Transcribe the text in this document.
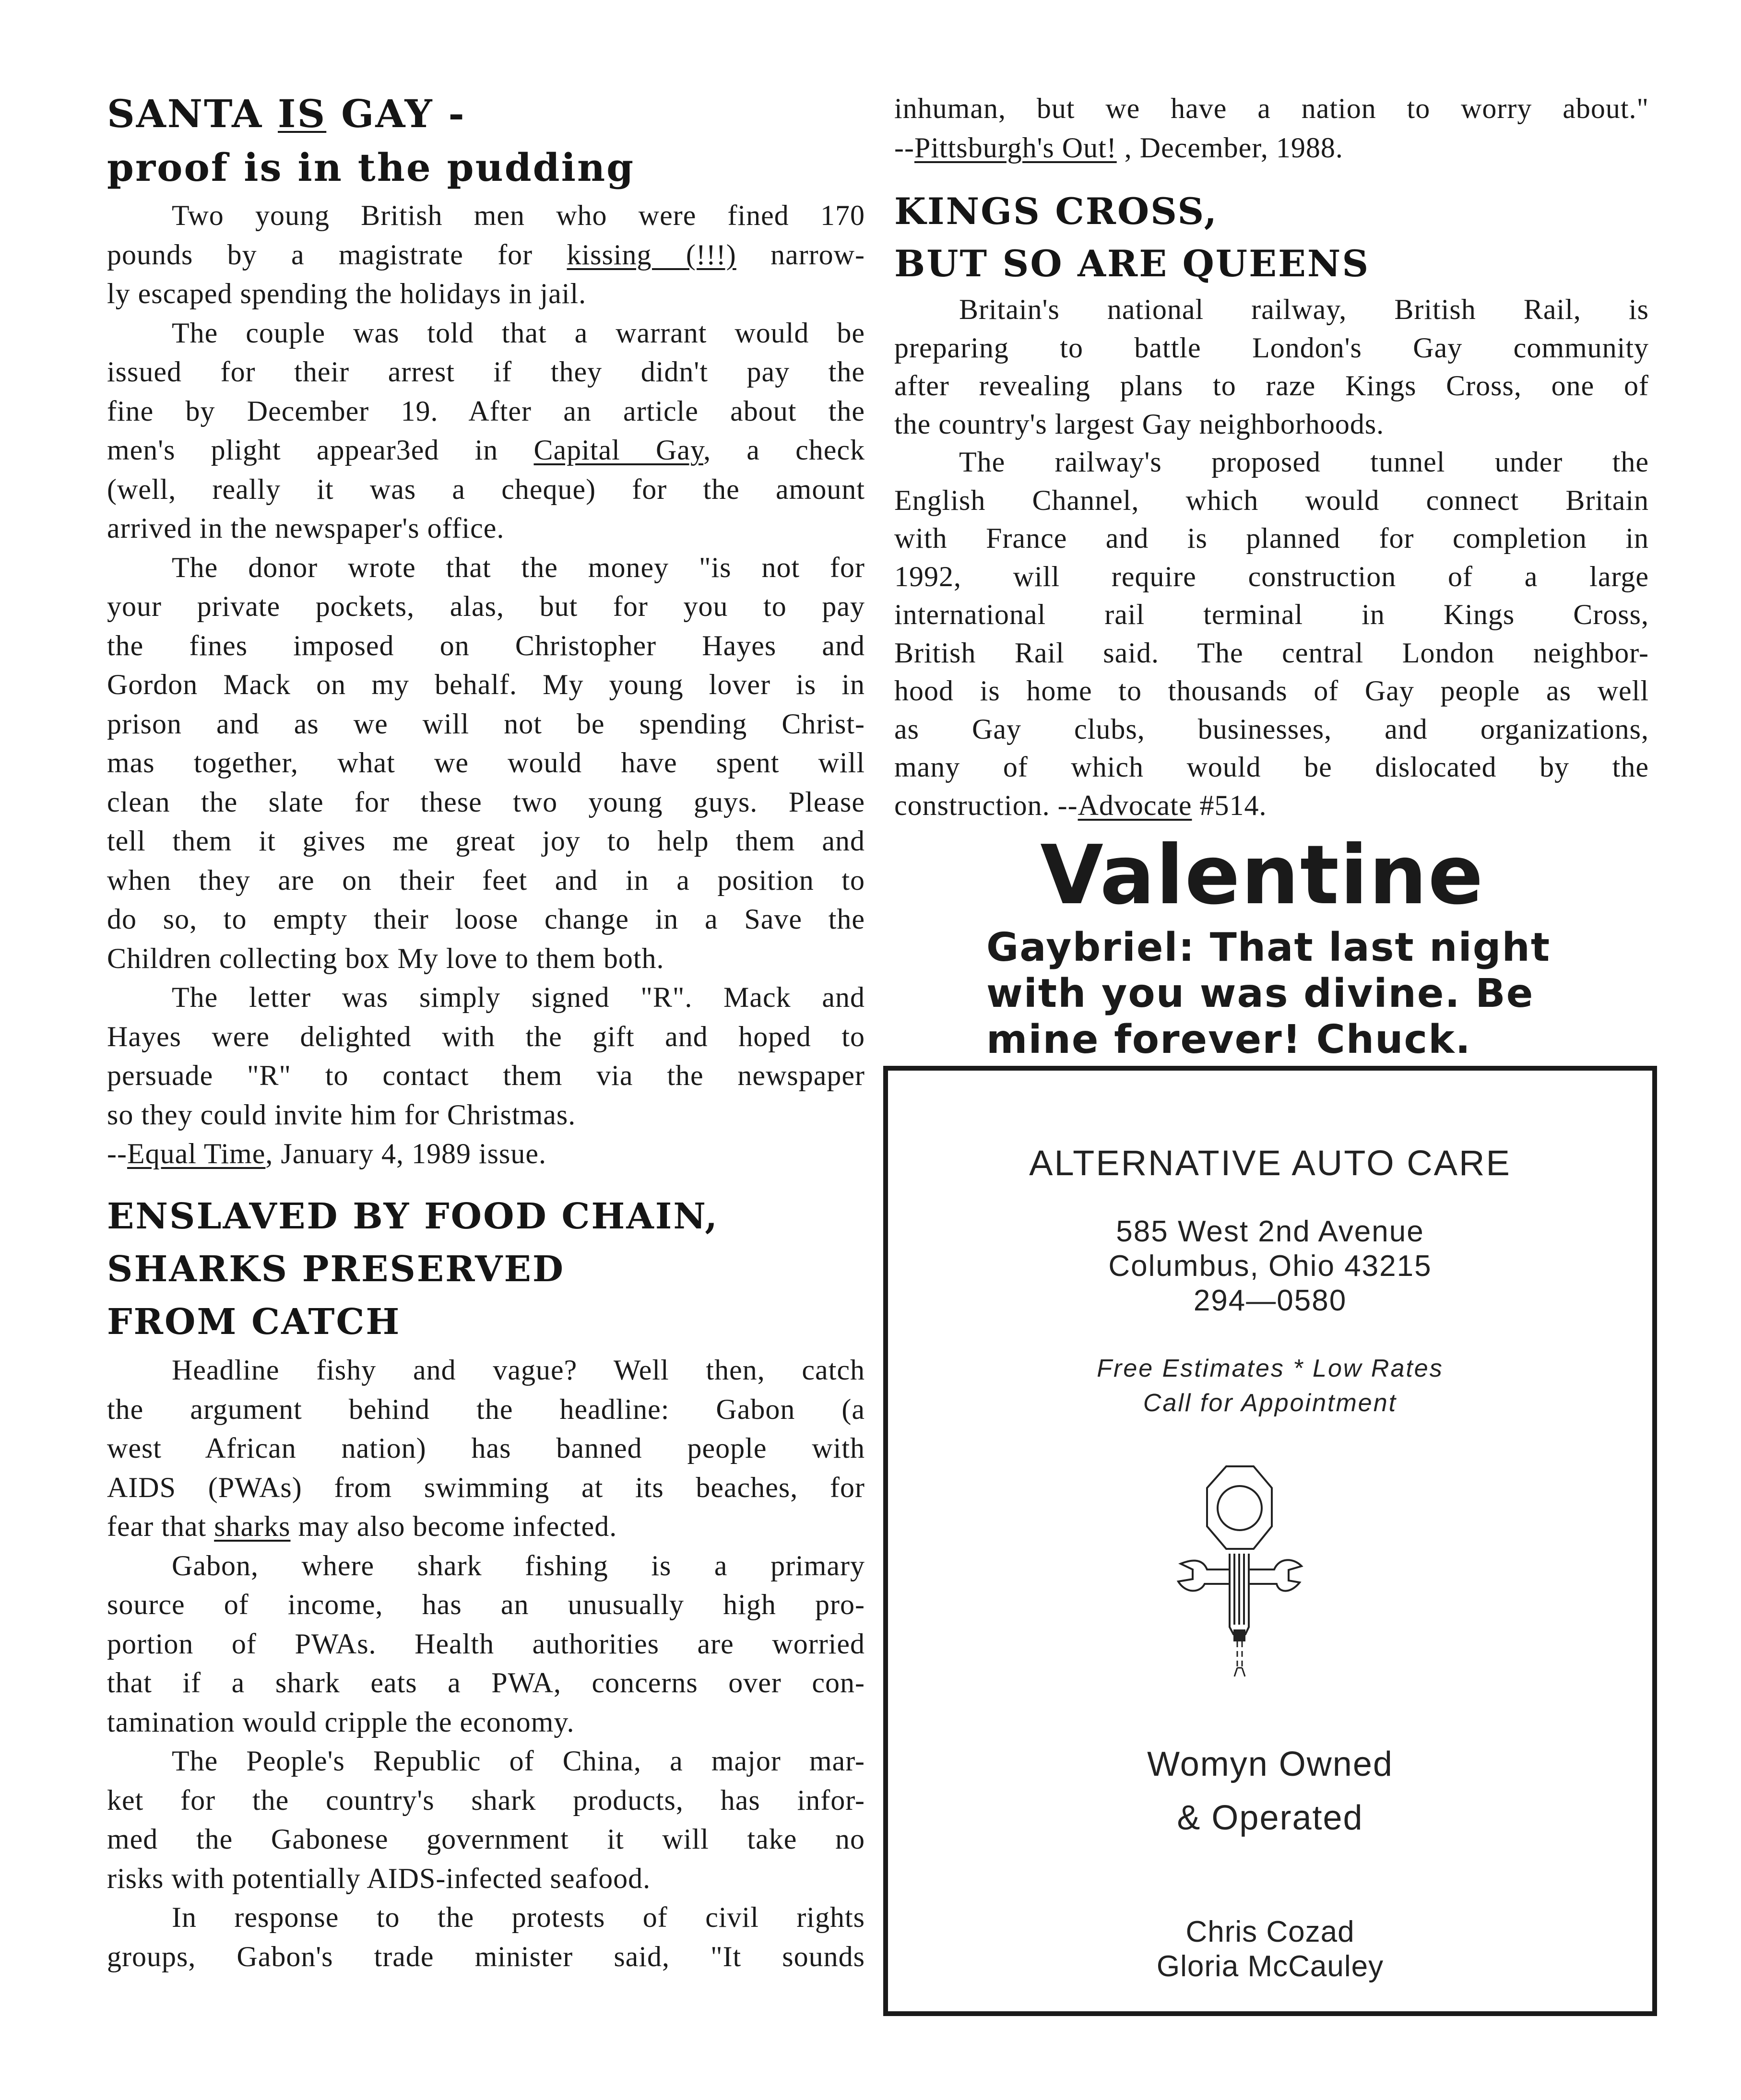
SANTA IS GAY -
proof is in the pudding
Two young British men who were fined 170
pounds by a magistrate for kissing (!!!) narrow-
ly escaped spending the holidays in jail.
The couple was told that a warrant would be
issued for their arrest if they didn't pay the
fine by December 19. After an article about the
men's plight appear3ed in Capital Gay, a check
(well, really it was a cheque) for the amount
arrived in the newspaper's office.
The donor wrote that the money "is not for
your private pockets, alas, but for you to pay
the fines imposed on Christopher Hayes and
Gordon Mack on my behalf. My young lover is in
prison and as we will not be spending Christ-
mas together, what we would have spent will
clean the slate for these two young guys. Please
tell them it gives me great joy to help them and
when they are on their feet and in a position to
do so, to empty their loose change in a Save the
Children collecting box My love to them both.
The letter was simply signed "R". Mack and
Hayes were delighted with the gift and hoped to
persuade "R" to contact them via the newspaper
so they could invite him for Christmas.
--Equal Time, January 4, 1989 issue.
ENSLAVED BY FOOD CHAIN,
SHARKS PRESERVED
FROM CATCH
Headline fishy and vague? Well then, catch
the argument behind the headline: Gabon (a
west African nation) has banned people with
AIDS (PWAs) from swimming at its beaches, for
fear that sharks may also become infected.
Gabon, where shark fishing is a primary
source of income, has an unusually high pro-
portion of PWAs. Health authorities are worried
that if a shark eats a PWA, concerns over con-
tamination would cripple the economy.
The People's Republic of China, a major mar-
ket for the country's shark products, has infor-
med the Gabonese government it will take no
risks with potentially AIDS-infected seafood.
In response to the protests of civil rights
groups, Gabon's trade minister said, "It sounds
inhuman, but we have a nation to worry about."
--Pittsburgh's Out! , December, 1988.
KINGS CROSS,
BUT SO ARE QUEENS
Britain's national railway, British Rail, is
preparing to battle London's Gay community
after revealing plans to raze Kings Cross, one of
the country's largest Gay neighborhoods.
The railway's proposed tunnel under the
English Channel, which would connect Britain
with France and is planned for completion in
1992, will require construction of a large
international rail terminal in Kings Cross,
British Rail said. The central London neighbor-
hood is home to thousands of Gay people as well
as Gay clubs, businesses, and organizations,
many of which would be dislocated by the
construction. --Advocate #514.
Valentine
Gaybriel: That last night
with you was divine. Be
mine forever! Chuck.
ALTERNATIVE AUTO CARE
585 West 2nd Avenue
Columbus, Ohio 43215
294—0580
Free Estimates * Low Rates
Call for Appointment
Womyn Owned
& Operated
Chris Cozad
Gloria McCauley
